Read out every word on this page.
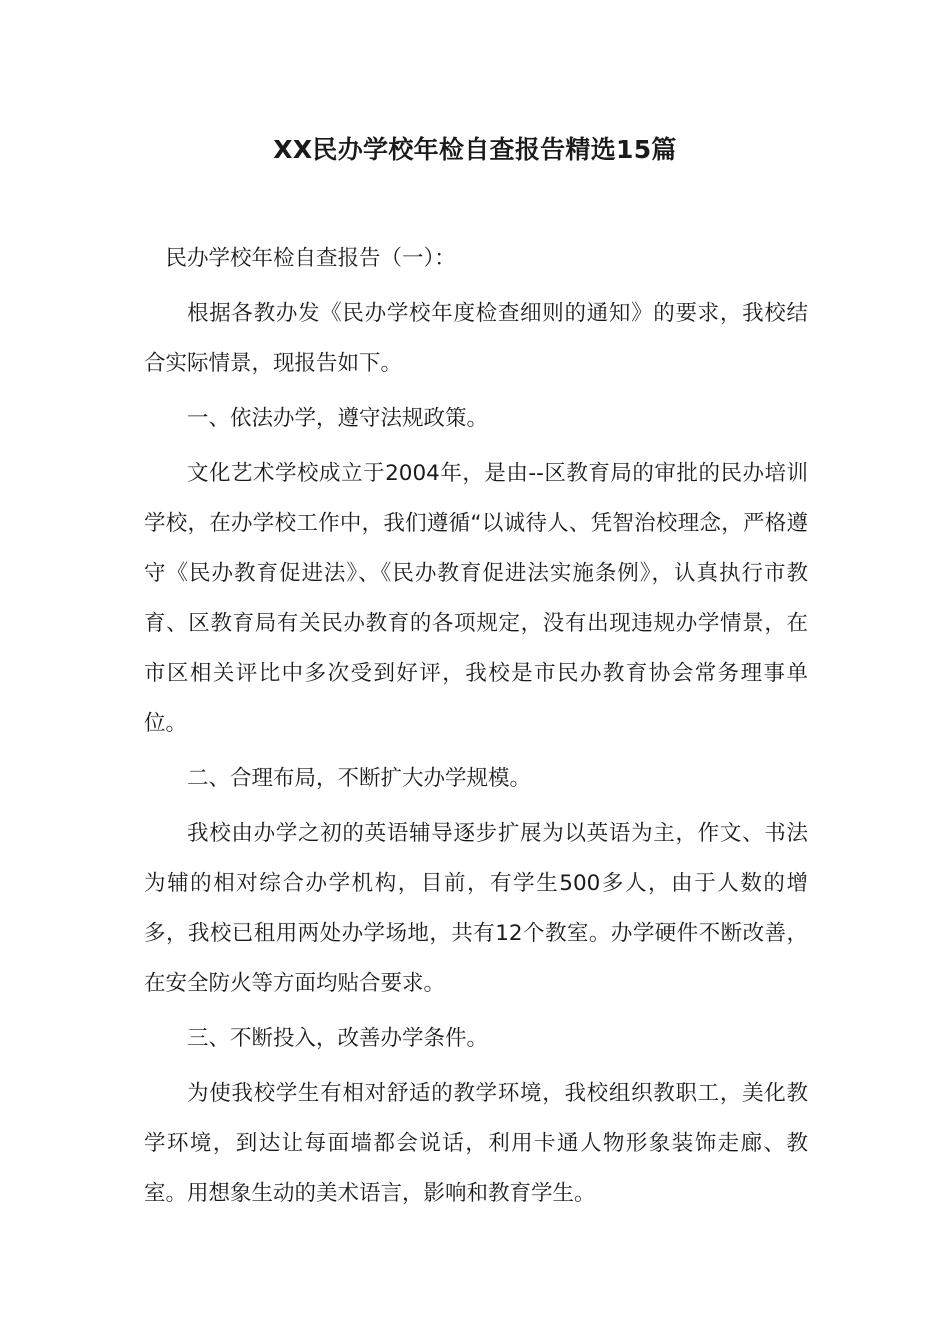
XX民办学校年检自查报告精选15篇

民办学校年检自查报告（一）：

根据各教办发《民办学校年度检查细则的通知》的要求，我校结合实际情景，现报告如下。

一、依法办学，遵守法规政策。

文化艺术学校成立于2004年，是由--区教育局的审批的民办培训学校，在办学校工作中，我们遵循“以诚待人、凭智治校理念，严格遵守《民办教育促进法》、《民办教育促进法实施条例》，认真执行市教育、区教育局有关民办教育的各项规定，没有出现违规办学情景，在市区相关评比中多次受到好评，我校是市民办教育协会常务理事单位。

二、合理布局，不断扩大办学规模。

我校由办学之初的英语辅导逐步扩展为以英语为主，作文、书法为辅的相对综合办学机构，目前，有学生500多人，由于人数的增多，我校已租用两处办学场地，共有12个教室。办学硬件不断改善，在安全防火等方面均贴合要求。

三、不断投入，改善办学条件。

为使我校学生有相对舒适的教学环境，我校组织教职工，美化教学环境，到达让每面墙都会说话，利用卡通人物形象装饰走廊、教室。用想象生动的美术语言，影响和教育学生。
